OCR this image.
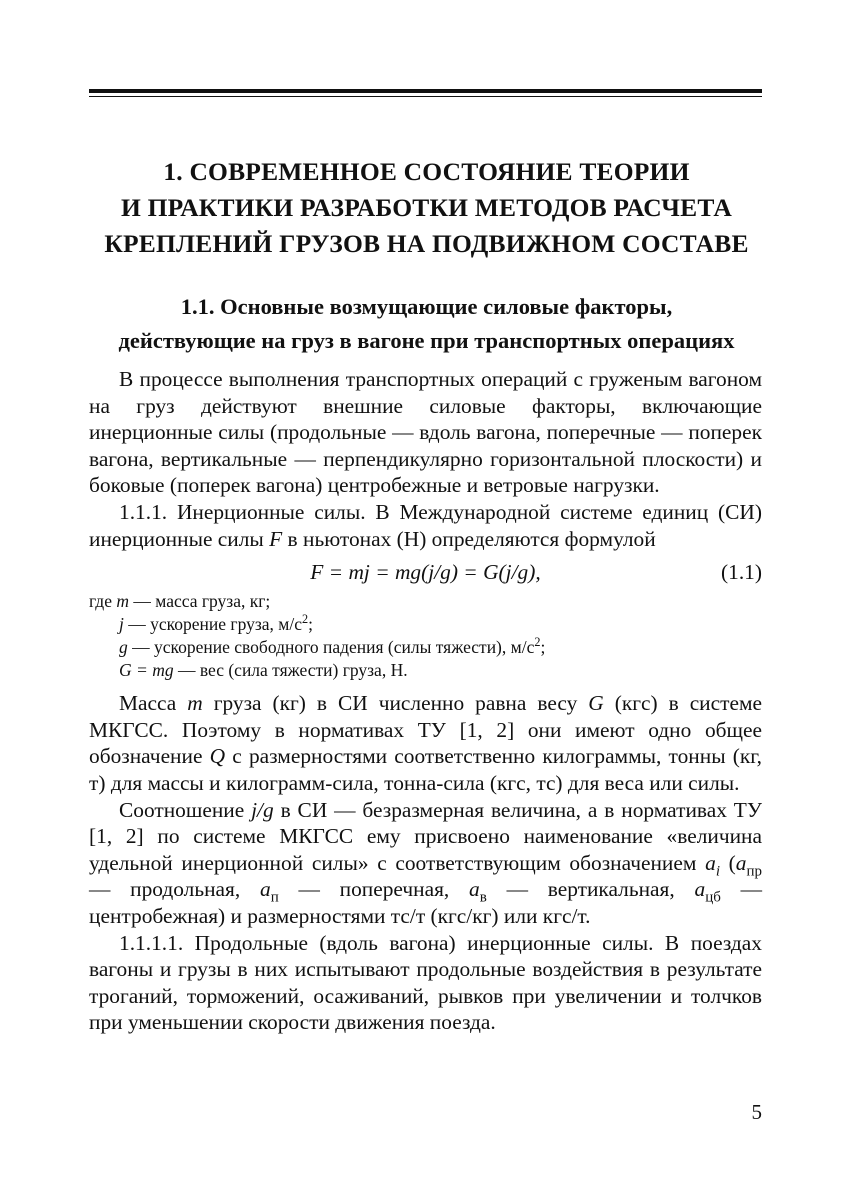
1. СОВРЕМЕННОЕ СОСТОЯНИЕ ТЕОРИИ
И ПРАКТИКИ РАЗРАБОТКИ МЕТОДОВ РАСЧЕТА
КРЕПЛЕНИЙ ГРУЗОВ НА ПОДВИЖНОМ СОСТАВЕ
1.1. Основные возмущающие силовые факторы,
действующие на груз в вагоне при транспортных операциях

В процессе выполнения транспортных операций с груженым вагоном на груз действуют внешние силовые факторы, включающие инерционные силы (продольные — вдоль вагона, поперечные — поперек вагона, вертикальные — перпендикулярно горизонтальной плоскости) и боковые (поперек вагона) центробежные и ветровые нагрузки.

1.1.1. Инерционные силы. В Международной системе единиц (СИ) инерционные силы F в ньютонах (Н) определяются формулой

F = mj = mg(j/g) = G(j/g),	(1.1)
где m — масса груза, кг;
j — ускорение груза, $м/с^2$;
g — ускорение свободного падения (силы тяжести), $м/с^2$;
G = mg — вес (сила тяжести) груза, Н.

Масса m груза (кг) в СИ численно равна весу G (кгс) в системе МКГСС. Поэтому в нормативах ТУ [1, 2] они имеют одно общее обозначение Q с размерностями соответственно килограммы, тонны (кг, т) для массы и килограмм-сила, тонна-сила (кгс, тс) для веса или силы.

Соотношение j/g в СИ — безразмерная величина, а в нормативах ТУ [1, 2] по системе МКГСС ему присвоено наименование «величина удельной инерционной силы» с соответствующим обозначением $a_i$ ($a_{пр}$ — продольная, $a_п$ — поперечная, $a_в$ — вертикальная, $a_{цб}$ — центробежная) и размерностями тс/т (кгс/кг) или кгс/т.

1.1.1.1. Продольные (вдоль вагона) инерционные силы. В поездах вагоны и грузы в них испытывают продольные воздействия в результате троганий, торможений, осаживаний, рывков при увеличении и толчков при уменьшении скорости движения поезда.

5
